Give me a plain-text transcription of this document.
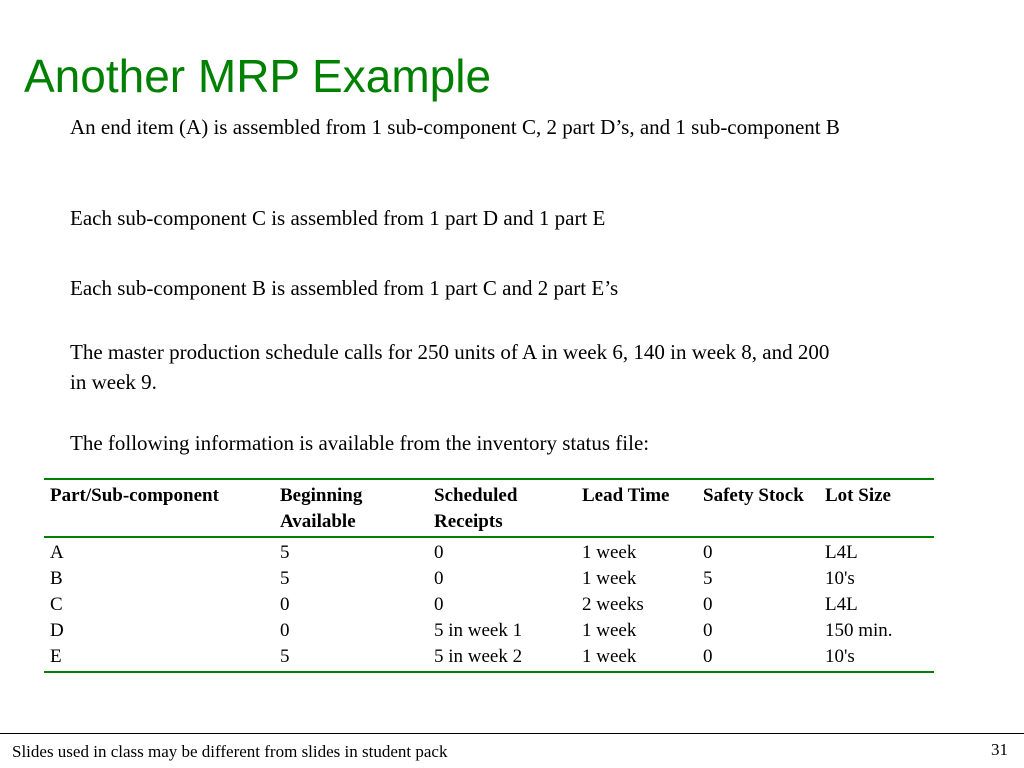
Another MRP Example
An end item (A) is assembled from 1 sub-component C, 2 part D’s, and 1 sub-component B
Each sub-component C is assembled from 1 part D and 1 part E
Each sub-component B is assembled from 1 part C and 2 part E’s
The master production schedule calls for 250 units of A in week 6, 140 in week 8, and 200 in week 9.
The following information is available from the inventory status file:
Part/Sub-component	Beginning Available	Scheduled Receipts	Lead Time	Safety Stock	Lot Size
A	5	0	1 week	0	L4L
B	5	0	1 week	5	10's
C	0	0	2 weeks	0	L4L
D	0	5 in week 1	1 week	0	150 min.
E	5	5 in week 2	1 week	0	10's
Slides used in class may be different from slides in student pack	31
